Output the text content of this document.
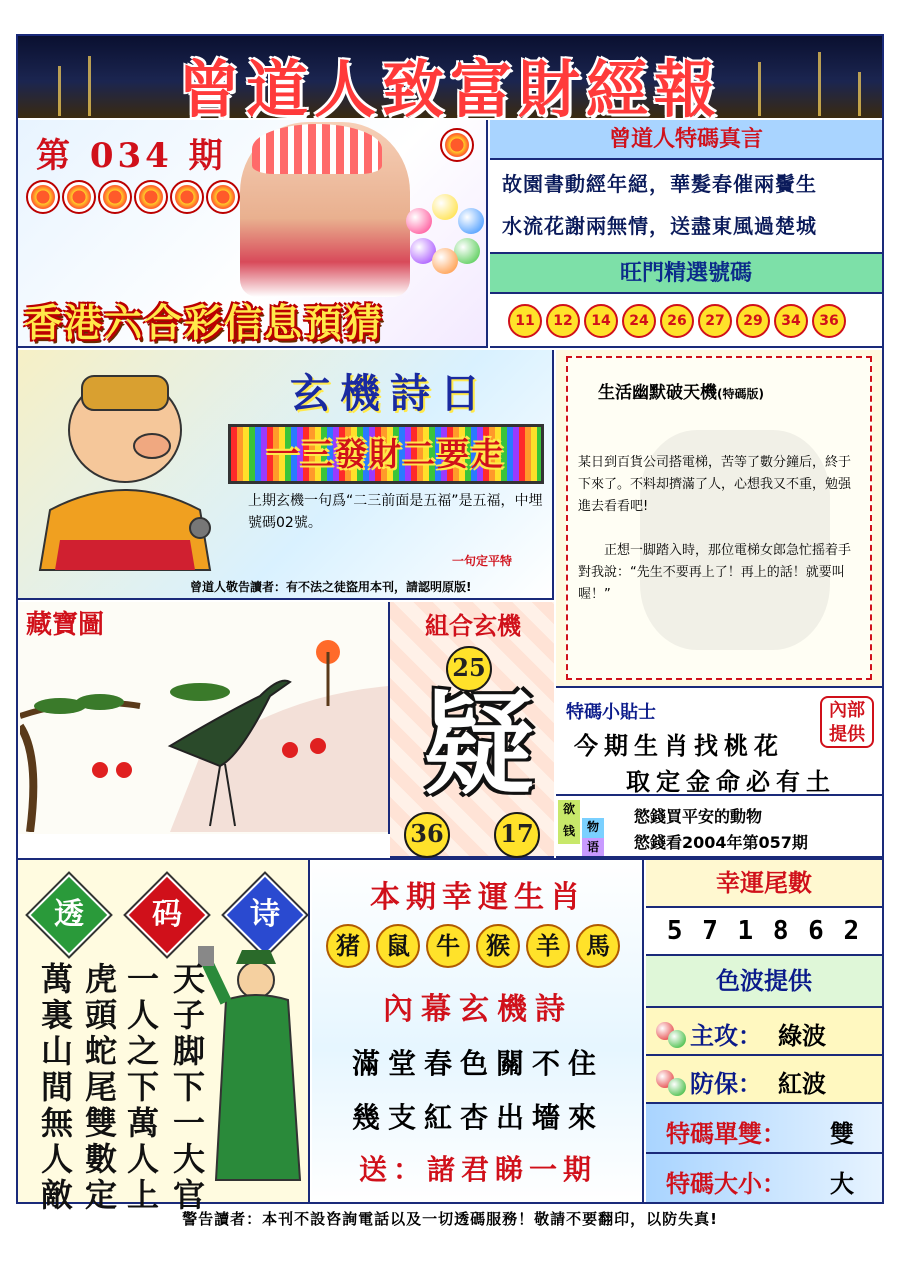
曾道人致富財經報
第 034 期
香港六合彩信息預猜
曾道人特碼真言
故園書動經年絕，華髮春催兩鬢生
水流花謝兩無情，送盡東風過楚城
旺門精選號碼
11 12 14 24 26 27 29 34 36
玄機詩日
一三發財二要走
上期玄機一句爲“二三前面是五福”是五福，中埋號碼02號。
一句定平特
曾道人敬告讀者：有不法之徒盜用本刊，請認明原版!
生活幽默破天機(特碼版)
某日到百貨公司搭電梯，苦等了數分鐘后，終于下來了。不料却擠滿了人，心想我又不重，勉强進去看看吧!
正想一脚踏入時，那位電梯女郎急忙摇着手對我說：“先生不要再上了！再上的話！就要叫喔！”
藏寶圖	組合玄機
25
疑
36 17
特碼小貼士	內部提供
今期生肖找桃花
取定金命必有土
欲
钱 物
语
慾錢買平安的動物
慾錢看2004年第057期
透	码	诗
天子脚下一大官
一人之下萬人上
虎頭蛇尾雙數定
萬裏山間無人敵
本期幸運生肖
猪 鼠 牛 猴 羊 馬
內幕玄機詩
滿堂春色關不住
幾支紅杏出墻來
送：諸君睇一期
幸運尾數
5 7 1 8 6 2
色波提供
主攻： 綠波
防保： 紅波
特碼單雙： 雙
特碼大小： 大
警告讀者：本刊不設咨詢電話以及一切透碼服務！敬請不要翻印，以防失真!
